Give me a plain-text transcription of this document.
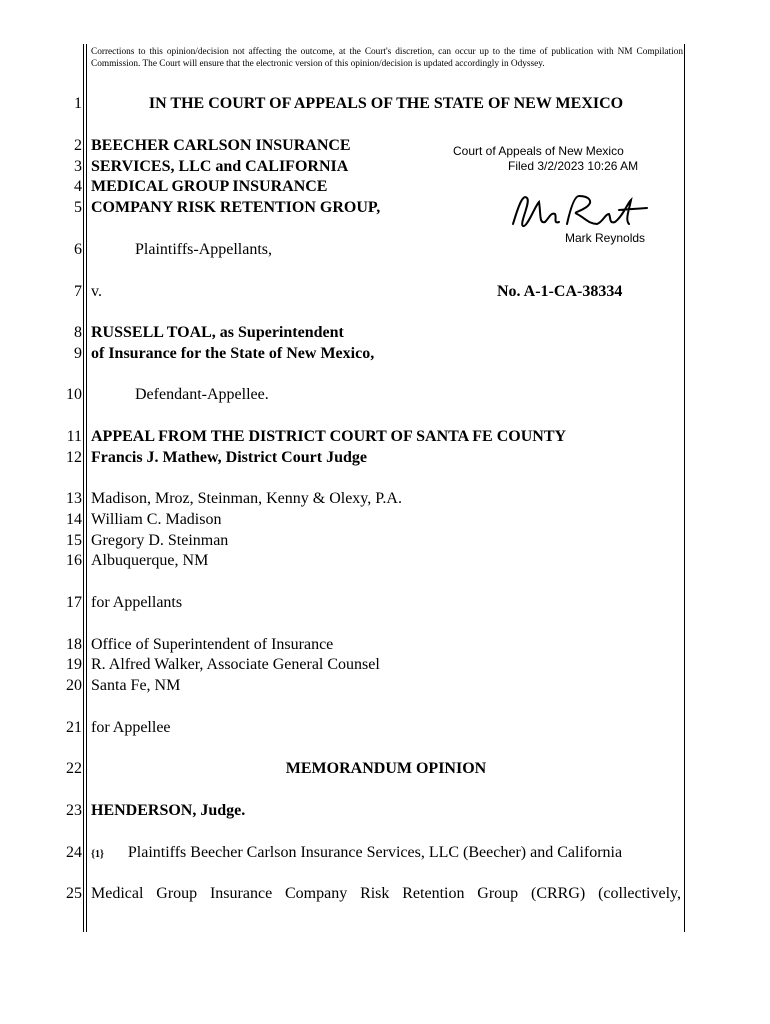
Corrections to this opinion/decision not affecting the outcome, at the Court's discretion, can occur up to the time of publication with NM Compilation Commission. The Court will ensure that the electronic version of this opinion/decision is updated accordingly in Odyssey.
1
2
3
4
5
6
7
8
9
10
11
12
13
14
15
16
17
18
19
20
21
22
23
24
25
IN THE COURT OF APPEALS OF THE STATE OF NEW MEXICO
BEECHER CARLSON INSURANCE
SERVICES, LLC and CALIFORNIA
MEDICAL GROUP INSURANCE
COMPANY RISK RETENTION GROUP,
Plaintiffs-Appellants,
v.	No. A-1-CA-38334
RUSSELL TOAL, as Superintendent
of Insurance for the State of New Mexico,
Defendant-Appellee.
APPEAL FROM THE DISTRICT COURT OF SANTA FE COUNTY
Francis J. Mathew, District Court Judge
Madison, Mroz, Steinman, Kenny & Olexy, P.A.
William C. Madison
Gregory D. Steinman
Albuquerque, NM
for Appellants
Office of Superintendent of Insurance
R. Alfred Walker, Associate General Counsel
Santa Fe, NM
for Appellee
MEMORANDUM OPINION
HENDERSON, Judge.
{1} Plaintiffs Beecher Carlson Insurance Services, LLC (Beecher) and California
Medical Group Insurance Company Risk Retention Group (CRRG) (collectively,
Court of Appeals of New Mexico
Filed 3/2/2023 10:26 AM
Mark Reynolds
